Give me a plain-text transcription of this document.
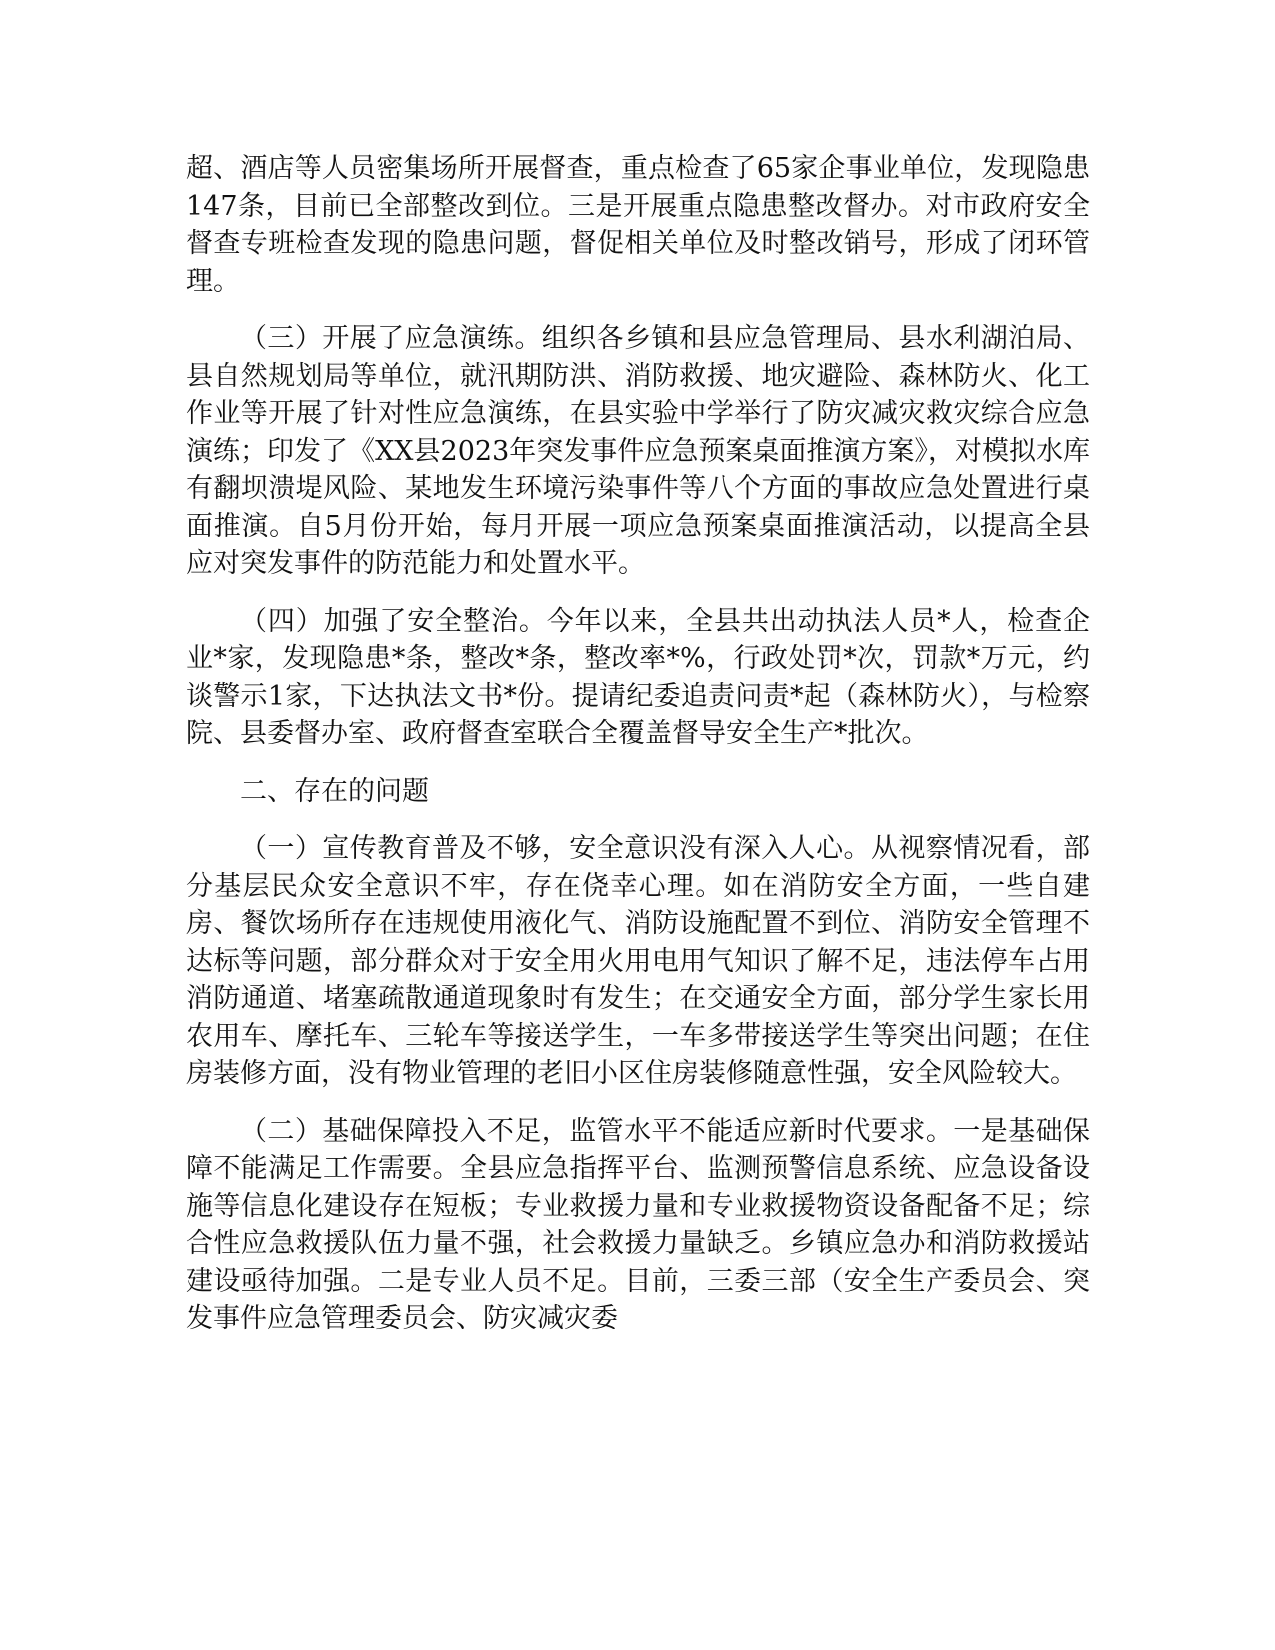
超、酒店等人员密集场所开展督查，重点检查了65家企事业单位，发现隐患147条，目前已全部整改到位。三是开展重点隐患整改督办。对市政府安全督查专班检查发现的隐患问题，督促相关单位及时整改销号，形成了闭环管理。

（三）开展了应急演练。组织各乡镇和县应急管理局、县水利湖泊局、县自然规划局等单位，就汛期防洪、消防救援、地灾避险、森林防火、化工作业等开展了针对性应急演练，在县实验中学举行了防灾减灾救灾综合应急演练；印发了《XX县2023年突发事件应急预案桌面推演方案》，对模拟水库有翻坝溃堤风险、某地发生环境污染事件等八个方面的事故应急处置进行桌面推演。自5月份开始，每月开展一项应急预案桌面推演活动，以提高全县应对突发事件的防范能力和处置水平。

（四）加强了安全整治。今年以来，全县共出动执法人员*人，检查企业*家，发现隐患*条，整改*条，整改率*%，行政处罚*次，罚款*万元，约谈警示1家，下达执法文书*份。提请纪委追责问责*起（森林防火），与检察院、县委督办室、政府督查室联合全覆盖督导安全生产*批次。

二、存在的问题

（一）宣传教育普及不够，安全意识没有深入人心。从视察情况看，部分基层民众安全意识不牢，存在侥幸心理。如在消防安全方面，一些自建房、餐饮场所存在违规使用液化气、消防设施配置不到位、消防安全管理不达标等问题，部分群众对于安全用火用电用气知识了解不足，违法停车占用消防通道、堵塞疏散通道现象时有发生；在交通安全方面，部分学生家长用农用车、摩托车、三轮车等接送学生，一车多带接送学生等突出问题；在住房装修方面，没有物业管理的老旧小区住房装修随意性强，安全风险较大。

（二）基础保障投入不足，监管水平不能适应新时代要求。一是基础保障不能满足工作需要。全县应急指挥平台、监测预警信息系统、应急设备设施等信息化建设存在短板；专业救援力量和专业救援物资设备配备不足；综合性应急救援队伍力量不强，社会救援力量缺乏。乡镇应急办和消防救援站建设亟待加强。二是专业人员不足。目前，三委三部（安全生产委员会、突发事件应急管理委员会、防灾减灾委
